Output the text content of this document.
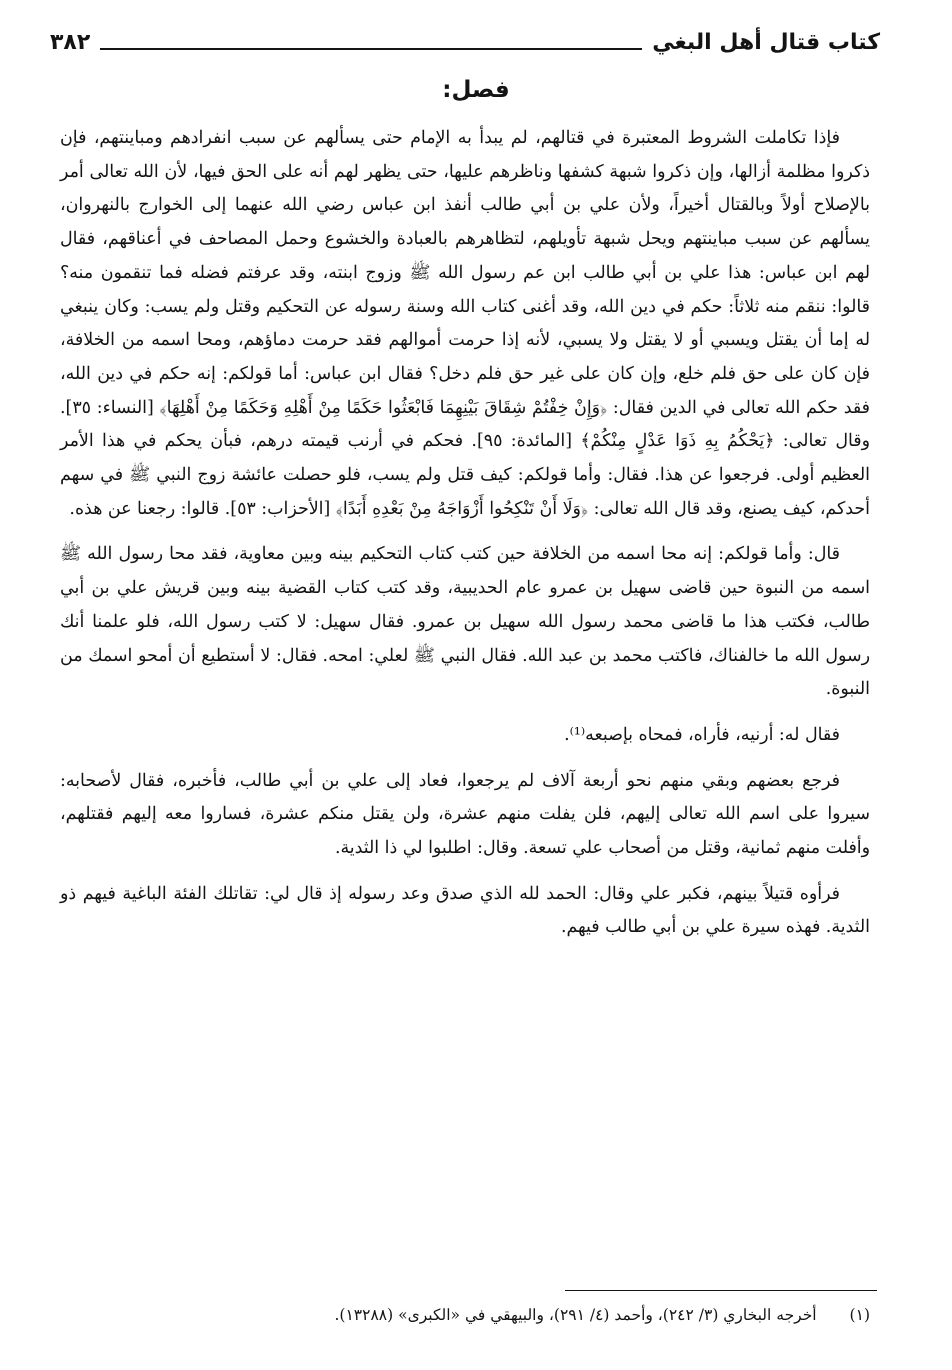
كتاب قتال أهل البغي
٣٨٢
فصل:

فإذا تكاملت الشروط المعتبرة في قتالهم، لم يبدأ به الإمام حتى يسألهم عن سبب انفرادهم ومباينتهم، فإن ذكروا مظلمة أزالها، وإن ذكروا شبهة كشفها وناظرهم عليها، حتى يظهر لهم أنه على الحق فيها، لأن الله تعالى أمر بالإصلاح أولاً وبالقتال أخيراً، ولأن علي بن أبي طالب أنفذ ابن عباس رضي الله عنهما إلى الخوارج بالنهروان، يسألهم عن سبب مباينتهم ويحل شبهة تأويلهم، لتظاهرهم بالعبادة والخشوع وحمل المصاحف في أعناقهم، فقال لهم ابن عباس: هذا علي بن أبي طالب ابن عم رسول الله ﷺ وزوج ابنته، وقد عرفتم فضله فما تنقمون منه؟ قالوا: ننقم منه ثلاثاً: حكم في دين الله، وقد أغنى كتاب الله وسنة رسوله عن التحكيم وقتل ولم يسب: وكان ينبغي له إما أن يقتل ويسبي أو لا يقتل ولا يسبي، لأنه إذا حرمت أموالهم فقد حرمت دماؤهم، ومحا اسمه من الخلافة، فإن كان على حق فلم خلع، وإن كان على غير حق فلم دخل؟ فقال ابن عباس: أما قولكم: إنه حكم في دين الله، فقد حكم الله تعالى في الدين فقال: ﴿وَإِنْ خِفْتُمْ شِقَاقَ بَيْنِهِمَا فَابْعَثُوا حَكَمًا مِنْ أَهْلِهِ وَحَكَمًا مِنْ أَهْلِهَا﴾ [النساء: ٣٥]. وقال تعالى: ﴿يَحْكُمُ بِهِ ذَوَا عَدْلٍ مِنْكُمْ﴾ [المائدة: ٩٥]. فحكم في أرنب قيمته درهم، فبأن يحكم في هذا الأمر العظيم أولى. فرجعوا عن هذا. فقال: وأما قولكم: كيف قتل ولم يسب، فلو حصلت عائشة زوج النبي ﷺ في سهم أحدكم، كيف يصنع، وقد قال الله تعالى: ﴿وَلَا أَنْ تَنْكِحُوا أَزْوَاجَهُ مِنْ بَعْدِهِ أَبَدًا﴾ [الأحزاب: ٥٣]. قالوا: رجعنا عن هذه.

قال: وأما قولكم: إنه محا اسمه من الخلافة حين كتب كتاب التحكيم بينه وبين معاوية، فقد محا رسول الله ﷺ اسمه من النبوة حين قاضى سهيل بن عمرو عام الحديبية، وقد كتب كتاب القضية بينه وبين قريش علي بن أبي طالب، فكتب هذا ما قاضى محمد رسول الله سهيل بن عمرو. فقال سهيل: لا كتب رسول الله، فلو علمنا أنك رسول الله ما خالفناك، فاكتب محمد بن عبد الله. فقال النبي ﷺ لعلي: امحه. فقال: لا أستطيع أن أمحو اسمك من النبوة.

فقال له: أرنيه، فأراه، فمحاه بإصبعه⁽¹⁾.

فرجع بعضهم وبقي منهم نحو أربعة آلاف لم يرجعوا، فعاد إلى علي بن أبي طالب، فأخبره، فقال لأصحابه: سيروا على اسم الله تعالى إليهم، فلن يفلت منهم عشرة، ولن يقتل منكم عشرة، فساروا معه إليهم فقتلهم، وأفلت منهم ثمانية، وقتل من أصحاب علي تسعة. وقال: اطلبوا لي ذا الثدية.

فرأوه قتيلاً بينهم، فكبر علي وقال: الحمد لله الذي صدق وعد رسوله إذ قال لي: تقاتلك الفئة الباغية فيهم ذو الثدية. فهذه سيرة علي بن أبي طالب فيهم.

(١) أخرجه البخاري (٣/ ٢٤٢)، وأحمد (٤/ ٢٩١)، والبيهقي في «الكبرى» (١٣٢٨٨).
